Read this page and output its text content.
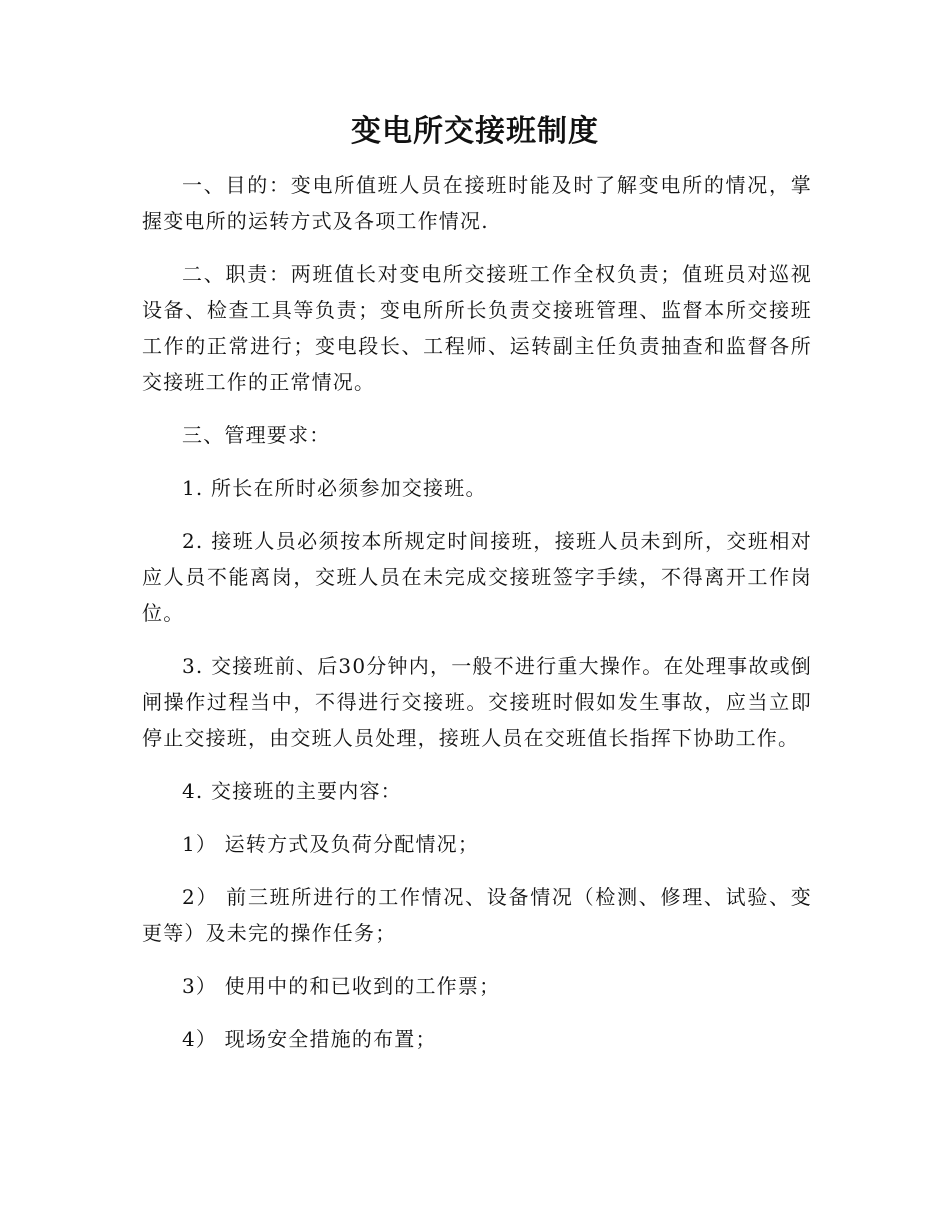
变电所交接班制度

一、目的：变电所值班人员在接班时能及时了解变电所的情况，掌握变电所的运转方式及各项工作情况.

二、职责：两班值长对变电所交接班工作全权负责；值班员对巡视设备、检查工具等负责；变电所所长负责交接班管理、监督本所交接班工作的正常进行；变电段长、工程师、运转副主任负责抽查和监督各所交接班工作的正常情况。

三、管理要求：

1. 所长在所时必须参加交接班。

2. 接班人员必须按本所规定时间接班，接班人员未到所，交班相对应人员不能离岗，交班人员在未完成交接班签字手续，不得离开工作岗位。

3. 交接班前、后30分钟内，一般不进行重大操作。在处理事故或倒闸操作过程当中，不得进行交接班。交接班时假如发生事故，应当立即停止交接班，由交班人员处理，接班人员在交班值长指挥下协助工作。

4. 交接班的主要内容：

1） 运转方式及负荷分配情况；

2） 前三班所进行的工作情况、设备情况（检测、修理、试验、变更等）及未完的操作任务；

3） 使用中的和已收到的工作票；

4） 现场安全措施的布置；
